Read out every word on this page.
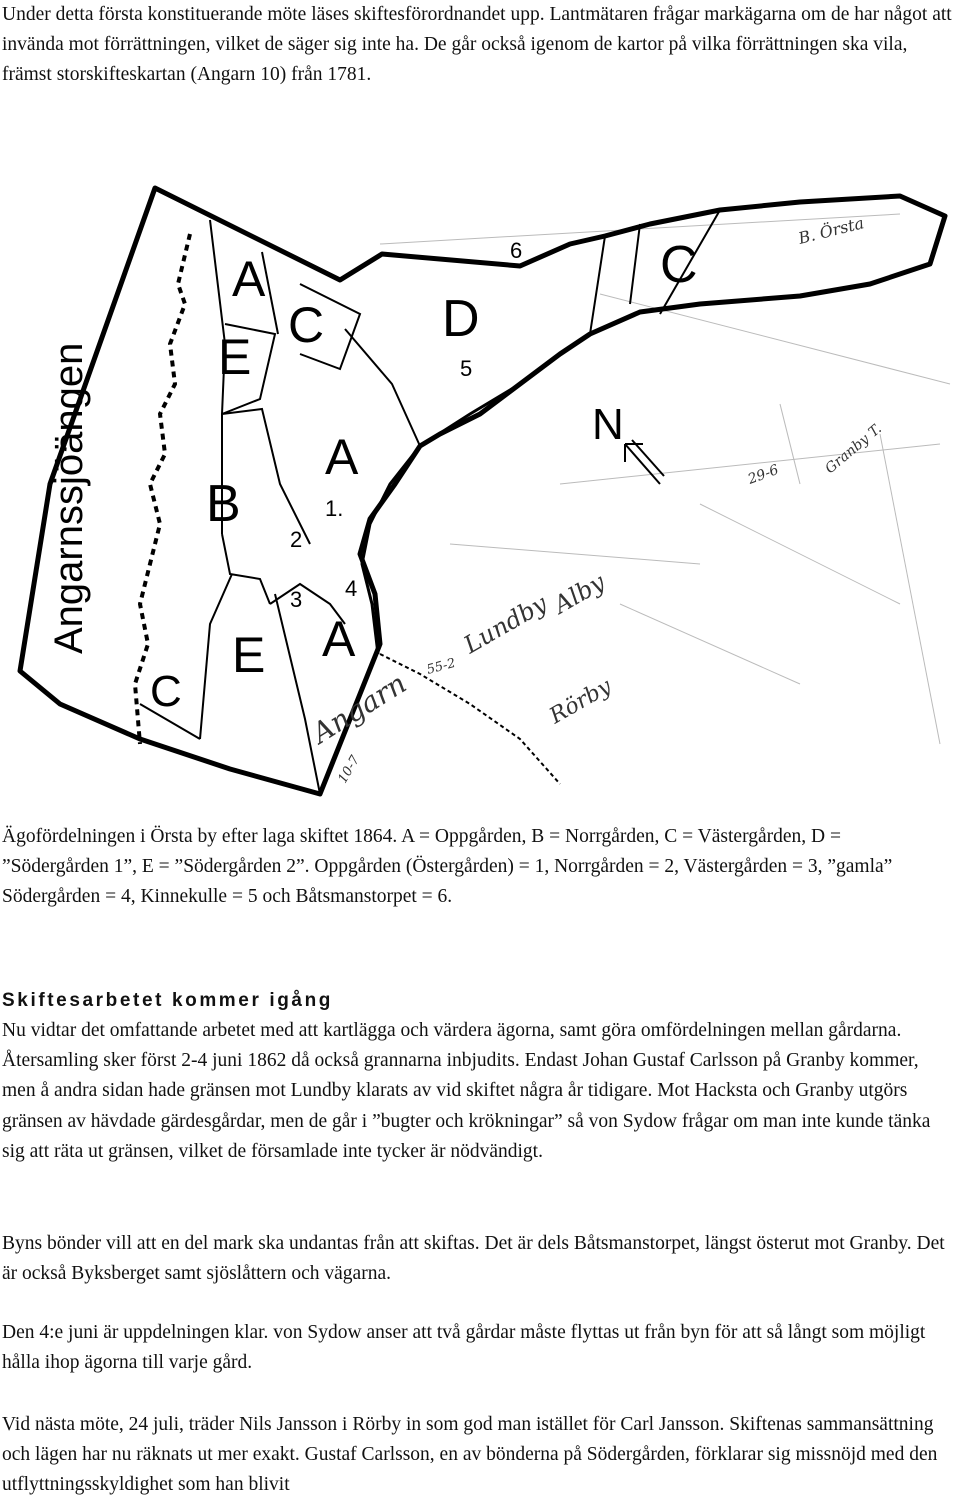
Under detta första konstituerande möte läses skiftesförordnandet upp. Lantmätaren frågar markägarna om de har något att invända mot förrättningen, vilket de säger sig inte ha. De går också igenom de kartor på vilka förrättningen ska vila, främst storskifteskartan (Angarn 10) från 1781.

A
E
C D
C
A
B
E A
C
N
1.
2
3 4
5
6
Angarnssjöängen	Lundby
Alby
Angarn	Rörby
B. Örsta
Granby T.
29-6
55-2
10-7

Ägofördelningen i Örsta by efter laga skiftet 1864. A = Oppgården, B = Norrgården, C = Västergården, D = ”Södergården 1”, E = ”Södergården 2”. Oppgården (Östergården) = 1, Norrgården = 2, Västergården = 3, ”gamla” Södergården = 4, Kinnekulle = 5 och Båtsmanstorpet = 6.

Skiftesarbetet kommer igång

Nu vidtar det omfattande arbetet med att kartlägga och värdera ägorna, samt göra omfördelningen mellan gårdarna. Återsamling sker först 2-4 juni 1862 då också grannarna inbjudits. Endast Johan Gustaf Carlsson på Granby kommer, men å andra sidan hade gränsen mot Lundby klarats av vid skiftet några år tidigare. Mot Hacksta och Granby utgörs gränsen av hävdade gärdesgårdar, men de går i ”bugter och krökningar” så von Sydow frågar om man inte kunde tänka sig att räta ut gränsen, vilket de församlade inte tycker är nödvändigt.

Byns bönder vill att en del mark ska undantas från att skiftas. Det är dels Båtsmanstorpet, längst österut mot Granby. Det är också Byksberget samt sjöslåttern och vägarna.

Den 4:e juni är uppdelningen klar. von Sydow anser att två gårdar måste flyttas ut från byn för att så långt som möjligt hålla ihop ägorna till varje gård.

Vid nästa möte, 24 juli, träder Nils Jansson i Rörby in som god man istället för Carl Jansson. Skiftenas sammansättning och lägen har nu räknats ut mer exakt. Gustaf Carlsson, en av bönderna på Södergården, förklarar sig missnöjd med den utflyttningsskyldighet som han blivit
